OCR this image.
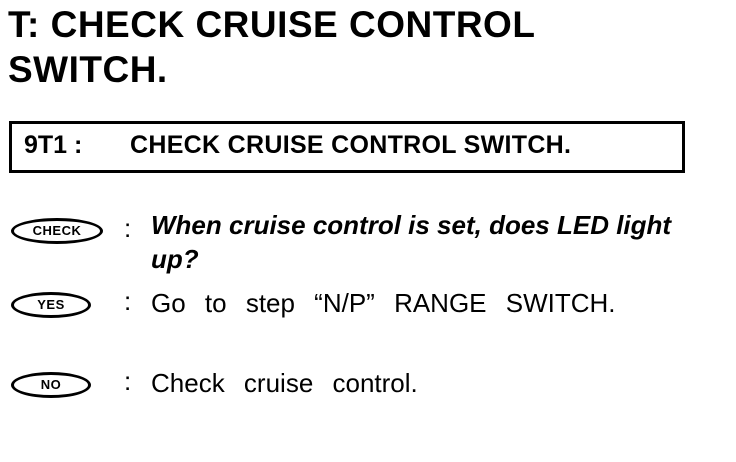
T: CHECK CRUISE CONTROL
SWITCH.
9T1 : CHECK CRUISE CONTROL SWITCH.
CHECK	: When cruise control is set, does LED light up?
YES	: Go to step “N/P” RANGE SWITCH.
NO	: Check cruise control.
